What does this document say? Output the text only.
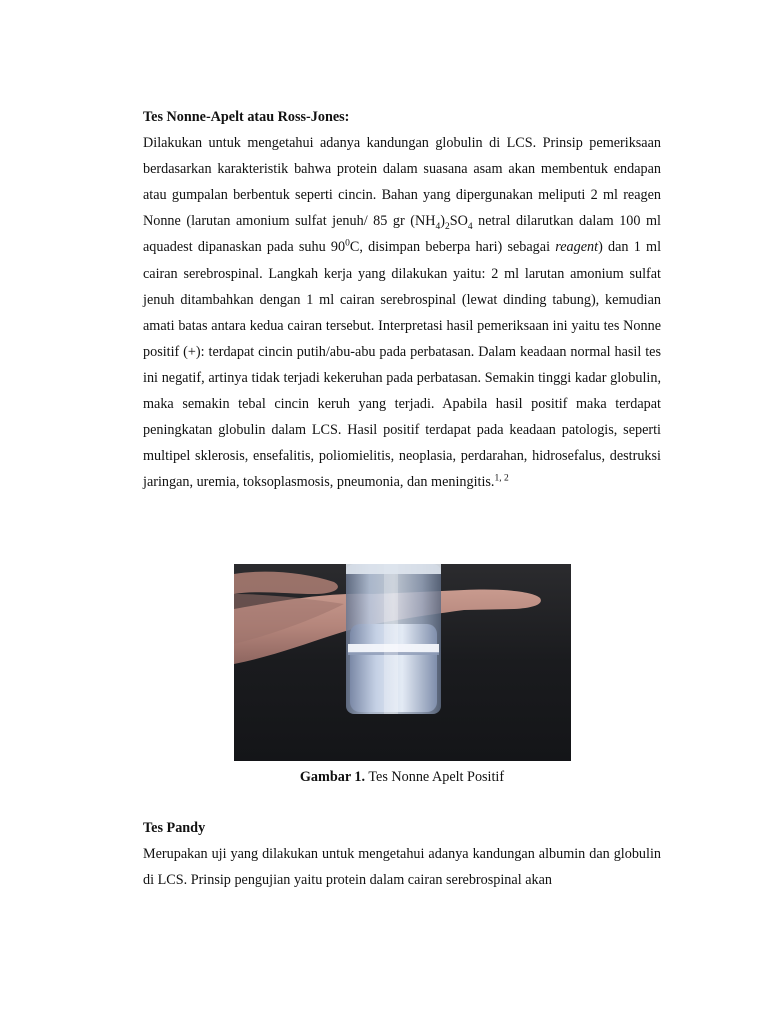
Tes Nonne-Apelt atau Ross-Jones:

Dilakukan untuk mengetahui adanya kandungan globulin di LCS. Prinsip pemeriksaan berdasarkan karakteristik bahwa protein dalam suasana asam akan membentuk endapan atau gumpalan berbentuk seperti cincin. Bahan yang dipergunakan meliputi 2 ml reagen Nonne (larutan amonium sulfat jenuh/ 85 gr $(NH_4)_2SO_4$ netral dilarutkan dalam 100 ml aquadest dipanaskan pada suhu $90^0C$, disimpan beberpa hari) sebagai reagent) dan 1 ml cairan serebrospinal. Langkah kerja yang dilakukan yaitu: 2 ml larutan amonium sulfat jenuh ditambahkan dengan 1 ml cairan serebrospinal (lewat dinding tabung), kemudian amati batas antara kedua cairan tersebut. Interpretasi hasil pemeriksaan ini yaitu tes Nonne positif (+): terdapat cincin putih/abu-abu pada perbatasan. Dalam keadaan normal hasil tes ini negatif, artinya tidak terjadi kekeruhan pada perbatasan. Semakin tinggi kadar globulin, maka semakin tebal cincin keruh yang terjadi. Apabila hasil positif maka terdapat peningkatan globulin dalam LCS. Hasil positif terdapat pada keadaan patologis, seperti multipel sklerosis, ensefalitis, poliomielitis, neoplasia, perdarahan, hidrosefalus, destruksi jaringan, uremia, toksoplasmosis, pneumonia, dan meningitis.$^{1, 2}$

Gambar 1. Tes Nonne Apelt Positif

Tes Pandy

Merupakan uji yang dilakukan untuk mengetahui adanya kandungan albumin dan globulin di LCS. Prinsip pengujian yaitu protein dalam cairan serebrospinal akan
